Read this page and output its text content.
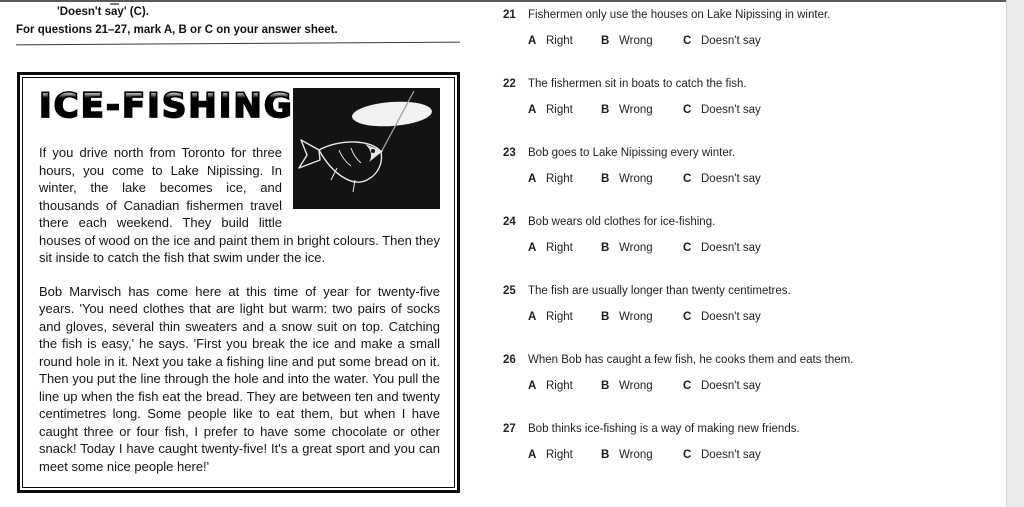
'Doesn't say' (C).
For questions 21–27, mark A, B or C on your answer sheet.
ICE-FISHING

If you drive north from Toronto for three hours, you come to Lake Nipissing. In winter, the lake becomes ice, and thousands of Canadian fishermen travel there each weekend. They build little houses of wood on the ice and paint them in bright colours. Then they sit inside to catch the fish that swim under the ice.

Bob Marvisch has come here at this time of year for twenty-five years. 'You need clothes that are light but warm: two pairs of socks and gloves, several thin sweaters and a snow suit on top. Catching the fish is easy,' he says. 'First you break the ice and make a small round hole in it. Next you take a fishing line and put some bread on it. Then you put the line through the hole and into the water. You pull the line up when the fish eat the bread. They are between ten and twenty centimetres long. Some people like to eat them, but when I have caught three or four fish, I prefer to have some chocolate or other snack! Today I have caught twenty-five! It's a great sport and you can meet some nice people here!'

21	Fishermen only use the houses on Lake Nipissing in winter.
A Right	B Wrong	C Doesn't say
22	The fishermen sit in boats to catch the fish.
A Right	B Wrong	C Doesn't say
23	Bob goes to Lake Nipissing every winter.
A Right	B Wrong	C Doesn't say
24	Bob wears old clothes for ice-fishing.
A Right	B Wrong	C Doesn't say
25	The fish are usually longer than twenty centimetres.
A Right	B Wrong	C Doesn't say
26	When Bob has caught a few fish, he cooks them and eats them.
A Right	B Wrong	C Doesn't say
27	Bob thinks ice-fishing is a way of making new friends.
A Right	B Wrong	C Doesn't say
